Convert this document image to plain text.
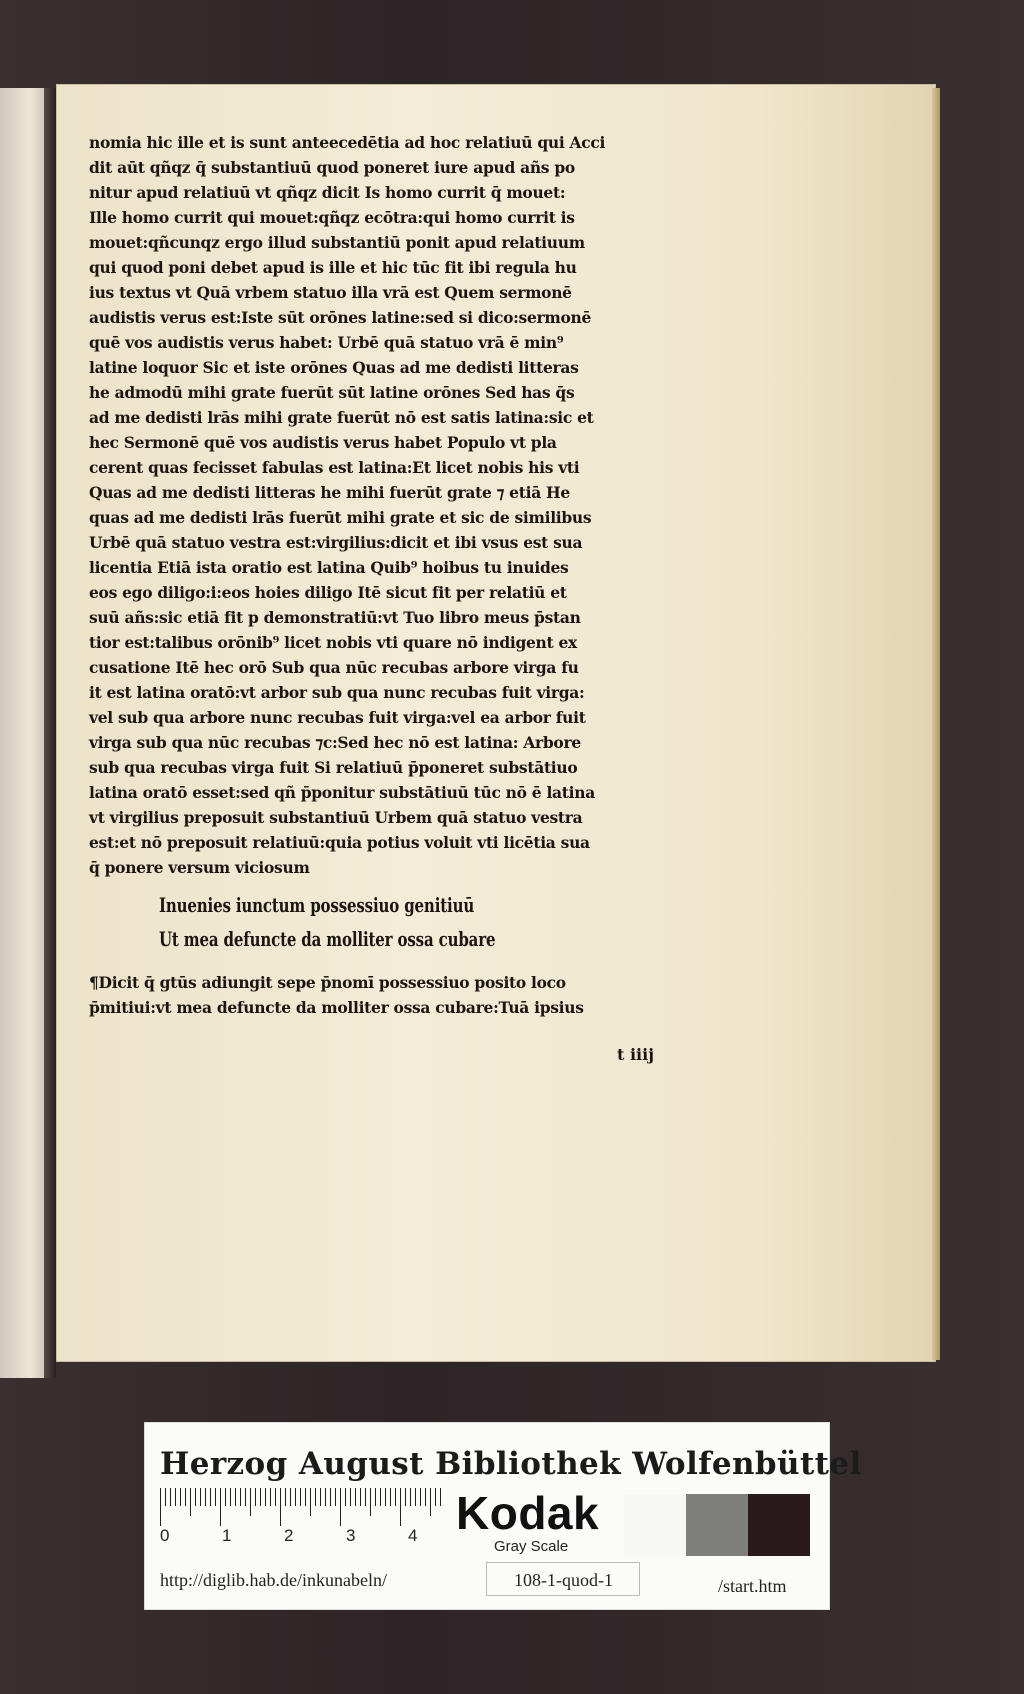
nomia hic ille et is sunt anteecedētia ad hoc relatiuū qui Acci
dit aūt qñqz q̄ substantiuū quod poneret iure apud añs po
nitur apud relatiuū vt qñqz dicit Is homo currit q̄ mouet:
Ille homo currit qui mouet:qñqz ecōtra:qui homo currit is
mouet:qñcunqz ergo illud substantiū ponit apud relatiuum
qui quod poni debet apud is ille et hic tūc fit ibi regula hu
ius textus vt Quā vrbem statuo illa vrā est Quem sermonē
audistis verus est:Iste sūt orōnes latine:sed si dico:sermonē
quē vos audistis verus habet: Urbē quā statuo vrā ē min⁹
latine loquor Sic et iste orōnes Quas ad me dedisti litteras
he admodū mihi grate fuerūt sūt latine orōnes Sed has q̄s
ad me dedisti lrās mihi grate fuerūt nō est satis latina:sic et
hec Sermonē quē vos audistis verus habet Populo vt pla
cerent quas fecisset fabulas est latina:Et licet nobis his vti
Quas ad me dedisti litteras he mihi fuerūt grate ⁊ etiā He
quas ad me dedisti lrās fuerūt mihi grate et sic de similibus
Urbē quā statuo vestra est:virgilius:dicit et ibi vsus est sua
licentia Etiā ista oratio est latina Quib⁹ hoibus tu inuides
eos ego diligo:i:eos hoies diligo Itē sicut fit per relatiū et
suū añs:sic etiā fit p demonstratiū:vt Tuo libro meus p̄stan
tior est:talibus orōnib⁹ licet nobis vti quare nō indigent ex
cusatione Itē hec orō Sub qua nūc recubas arbore virga fu
it est latina oratō:vt arbor sub qua nunc recubas fuit virga:
vel sub qua arbore nunc recubas fuit virga:vel ea arbor fuit
virga sub qua nūc recubas ⁊c:Sed hec nō est latina: Arbore
sub qua recubas virga fuit Si relatiuū p̄poneret substātiuo
latina oratō esset:sed qñ p̄ponitur substātiuū tūc nō ē latina
vt virgilius preposuit substantiuū Urbem quā statuo vestra
est:et nō preposuit relatiuū:quia potius voluit vti licētia sua
q̄ ponere versum viciosum
Inuenies iunctum possessiuo genitiuū
Ut mea defuncte da molliter ossa cubare
¶Dicit q̄ gtūs adiungit sepe p̄nomī possessiuo posito loco
p̄mitiui:vt mea defuncte da molliter ossa cubare:Tuā ipsius
t iiij
Herzog August Bibliothek Wolfenbüttel
0	1	2	3	4 Kodak
Gray Scale
http://diglib.hab.de/inkunabeln/	108-1-quod-1	/start.htm
